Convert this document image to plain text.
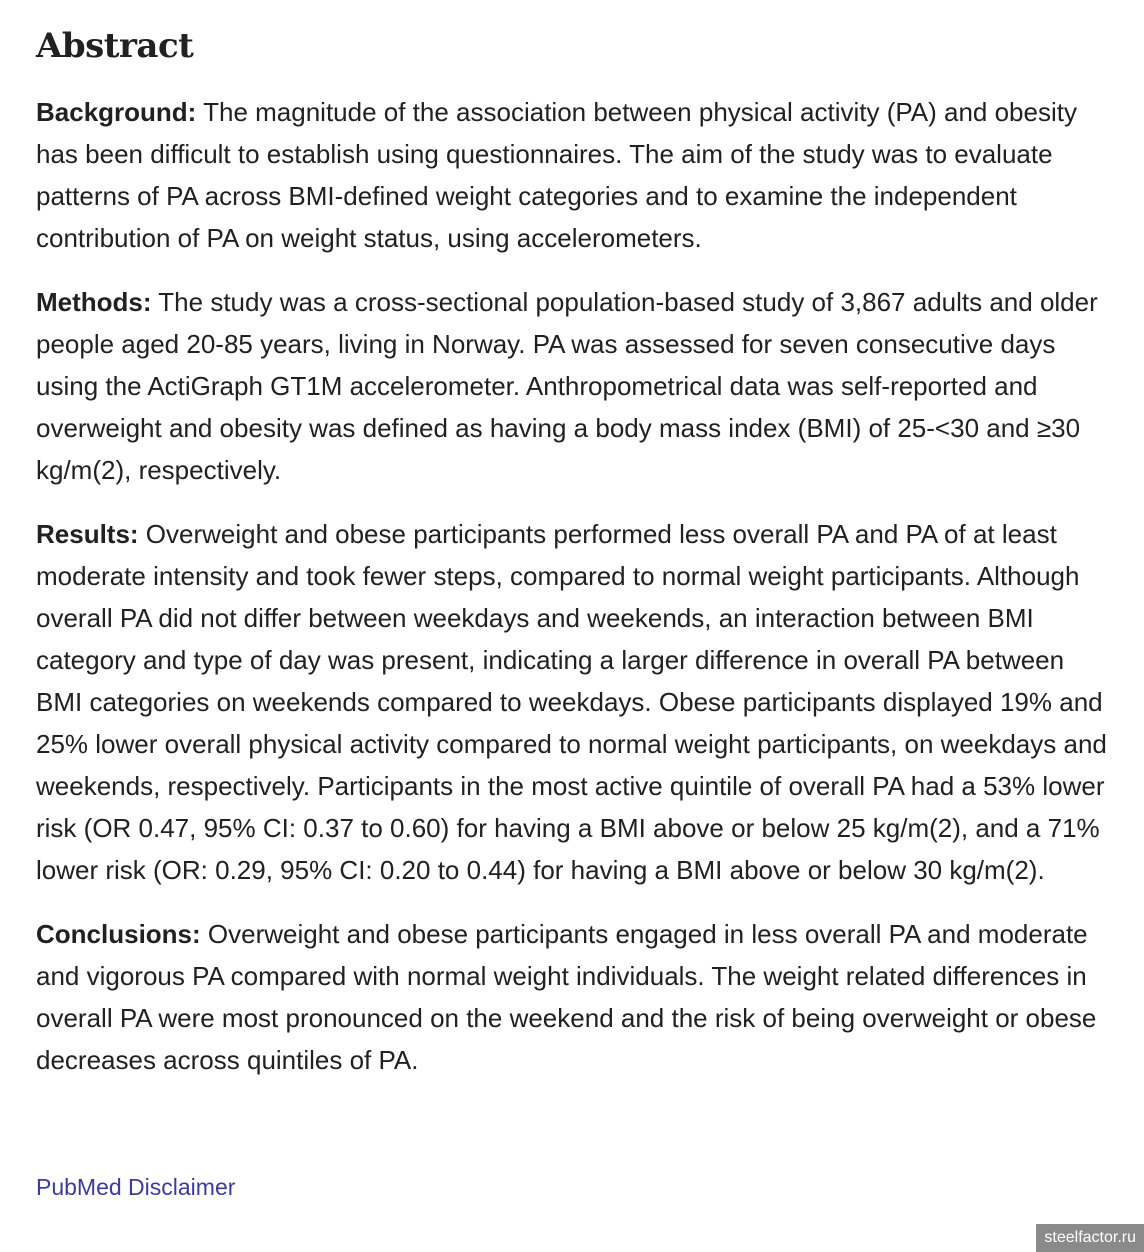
Abstract

Background: The magnitude of the association between physical activity (PA) and obesity has been difficult to establish using questionnaires. The aim of the study was to evaluate patterns of PA across BMI-defined weight categories and to examine the independent contribution of PA on weight status, using accelerometers.

Methods: The study was a cross-sectional population-based study of 3,867 adults and older people aged 20-85 years, living in Norway. PA was assessed for seven consecutive days using the ActiGraph GT1M accelerometer. Anthropometrical data was self-reported and overweight and obesity was defined as having a body mass index (BMI) of 25-<30 and ≥30 kg/m(2), respectively.

Results: Overweight and obese participants performed less overall PA and PA of at least moderate intensity and took fewer steps, compared to normal weight participants. Although overall PA did not differ between weekdays and weekends, an interaction between BMI category and type of day was present, indicating a larger difference in overall PA between BMI categories on weekends compared to weekdays. Obese participants displayed 19% and 25% lower overall physical activity compared to normal weight participants, on weekdays and weekends, respectively. Participants in the most active quintile of overall PA had a 53% lower risk (OR 0.47, 95% CI: 0.37 to 0.60) for having a BMI above or below 25 kg/m(2), and a 71% lower risk (OR: 0.29, 95% CI: 0.20 to 0.44) for having a BMI above or below 30 kg/m(2).

Conclusions: Overweight and obese participants engaged in less overall PA and moderate and vigorous PA compared with normal weight individuals. The weight related differences in overall PA were most pronounced on the weekend and the risk of being overweight or obese decreases across quintiles of PA.

PubMed Disclaimer
steelfactor.ru
